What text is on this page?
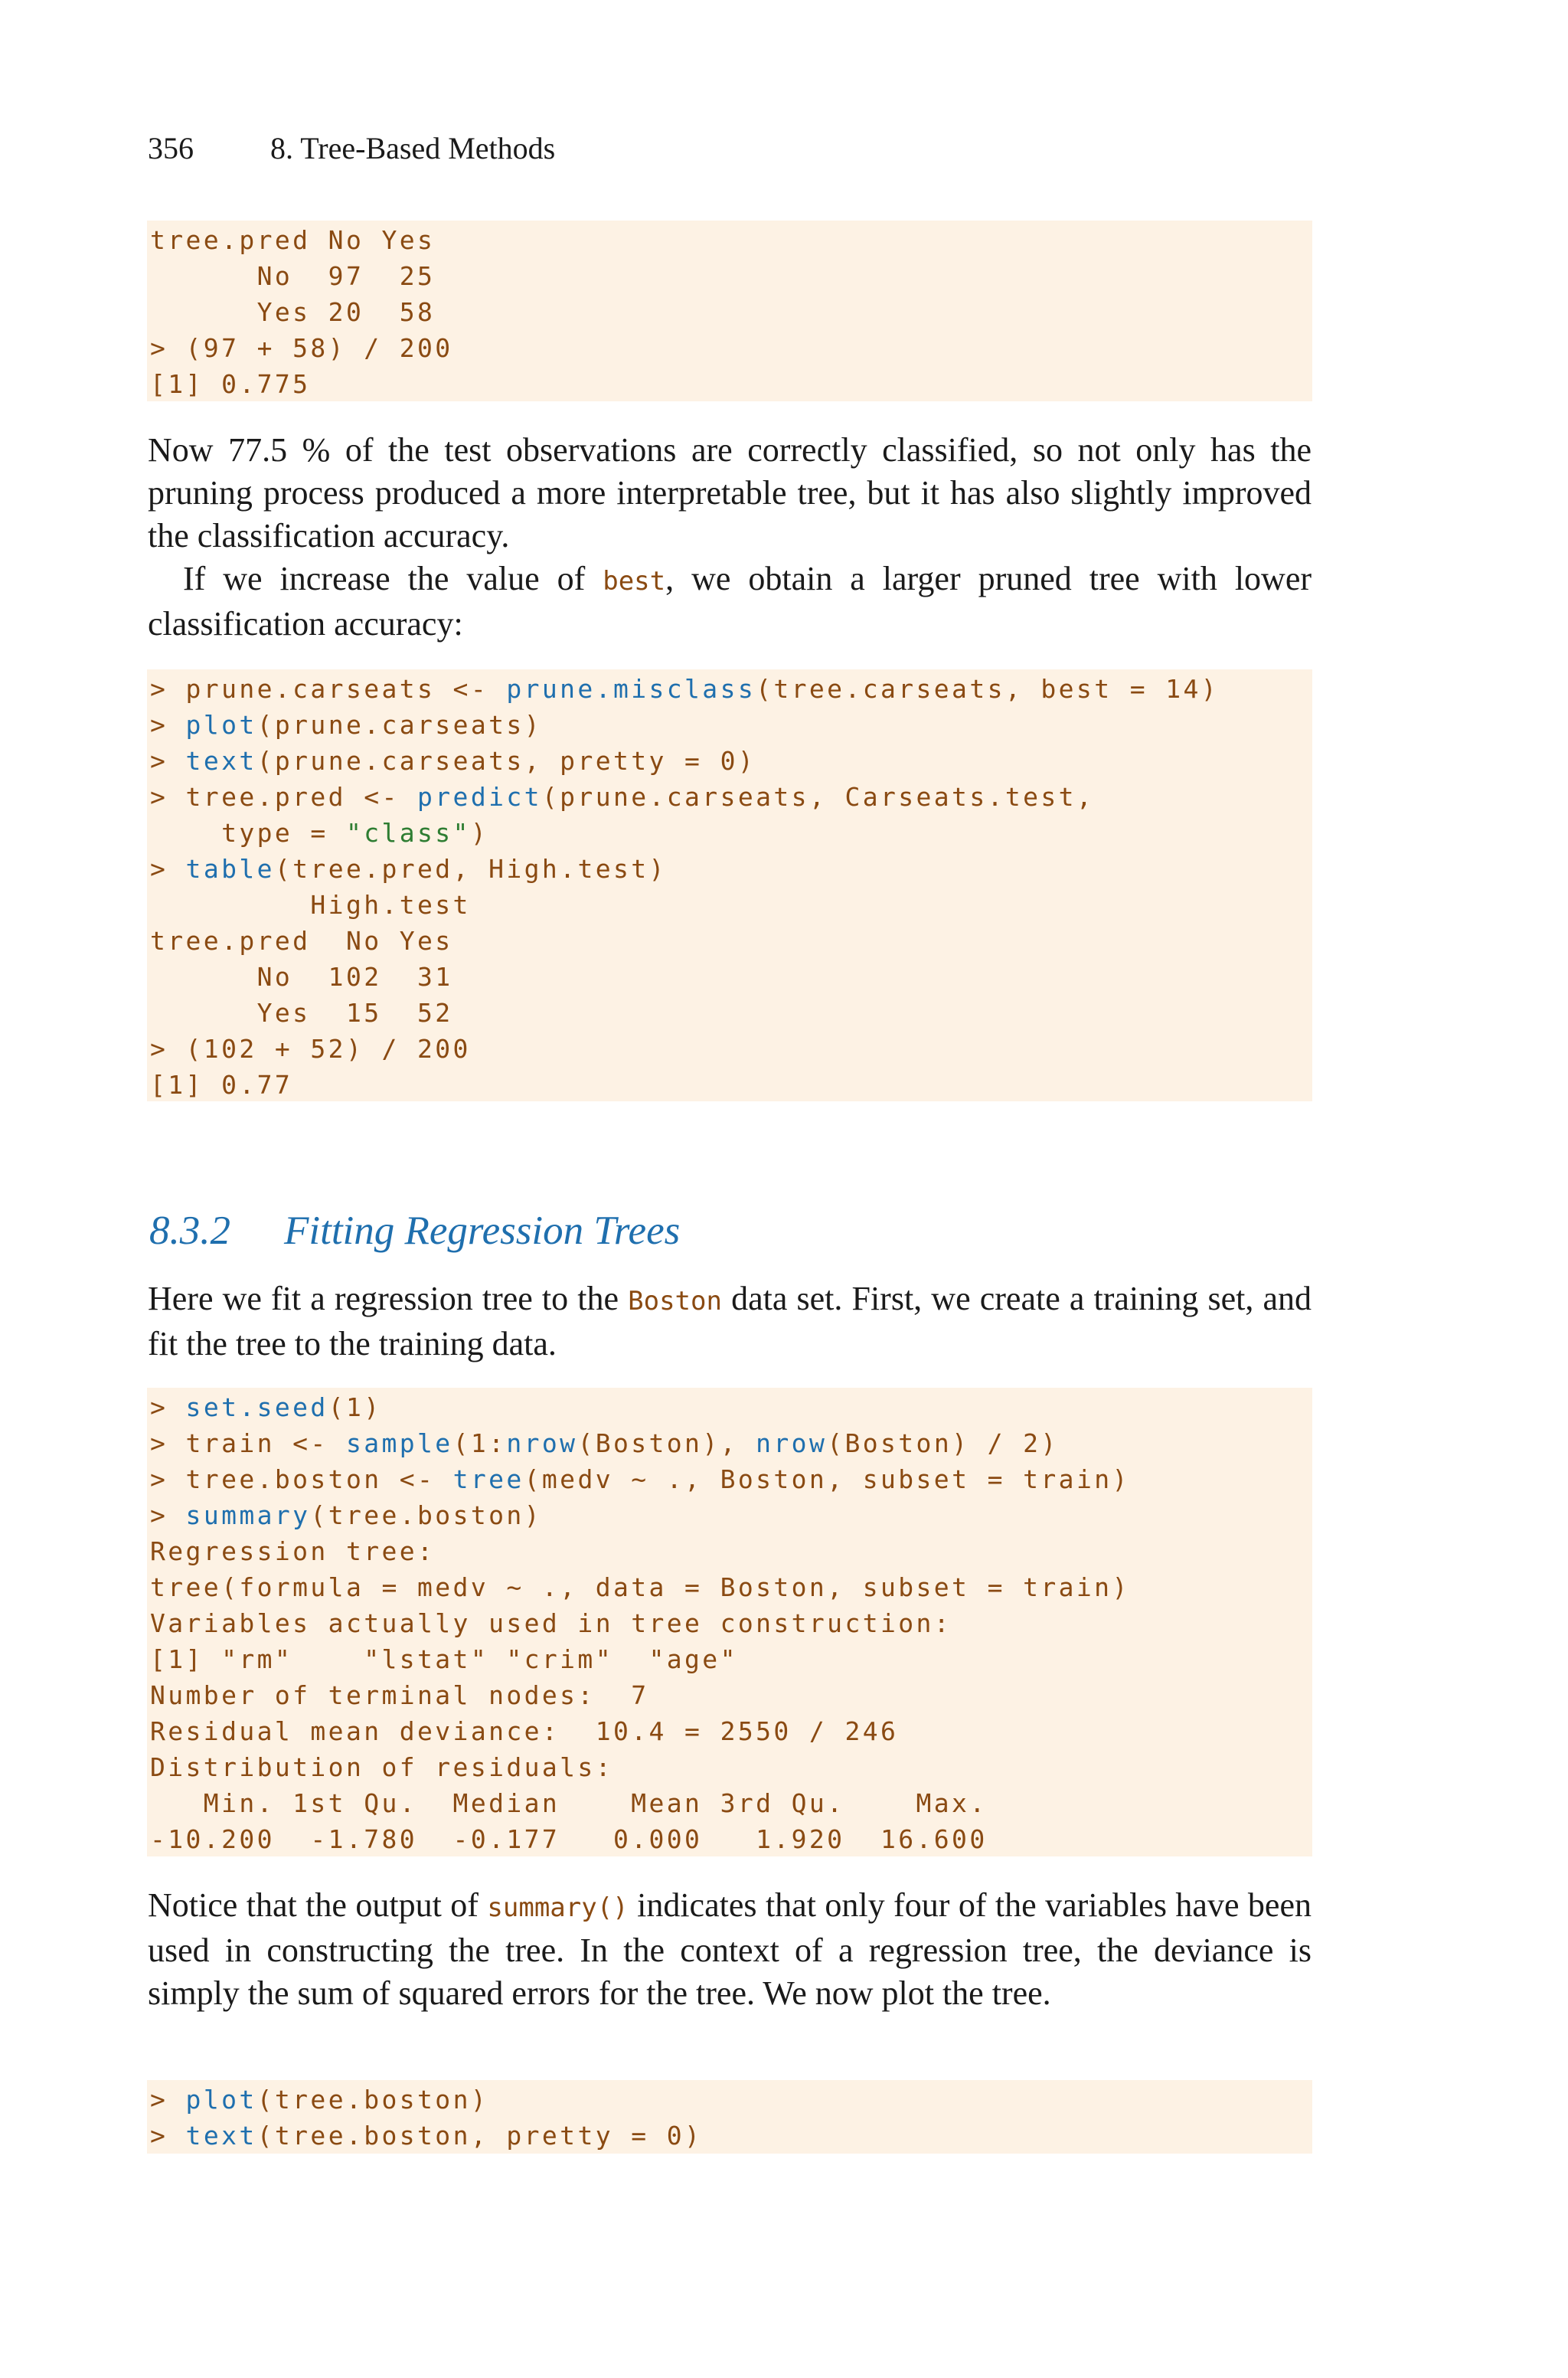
356	8. Tree-Based Methods
tree.pred No Yes
No  97  25
Yes 20  58
> (97 + 58) / 200
[1] 0.775

Now 77.5 % of the test observations are correctly classified, so not only has the pruning process produced a more interpretable tree, but it has also slightly improved the classification accuracy.

If we increase the value of best, we obtain a larger pruned tree with lower classification accuracy:

> prune.carseats <- prune.misclass(tree.carseats, best = 14)
> plot(prune.carseats)
> text(prune.carseats, pretty = 0)
> tree.pred <- predict(prune.carseats, Carseats.test,
type = "class")
> table(tree.pred, High.test)
High.test
tree.pred  No Yes
No  102  31
Yes  15  52
> (102 + 52) / 200
[1] 0.77
8.3.2 Fitting Regression Trees

Here we fit a regression tree to the Boston data set. First, we create a training set, and fit the tree to the training data.

> set.seed(1)
> train <- sample(1:nrow(Boston), nrow(Boston) / 2)
> tree.boston <- tree(medv ∼ ., Boston, subset = train)
> summary(tree.boston)
Regression tree:
tree(formula = medv ∼ ., data = Boston, subset = train)
Variables actually used in tree construction:
[1] "rm"    "lstat" "crim"  "age"
Number of terminal nodes:  7
Residual mean deviance:  10.4 = 2550 / 246
Distribution of residuals:
Min. 1st Qu.  Median    Mean 3rd Qu.    Max.
-10.200  -1.780  -0.177   0.000   1.920  16.600

Notice that the output of summary() indicates that only four of the variables have been used in constructing the tree. In the context of a regression tree, the deviance is simply the sum of squared errors for the tree. We now plot the tree.

> plot(tree.boston)
> text(tree.boston, pretty = 0)
